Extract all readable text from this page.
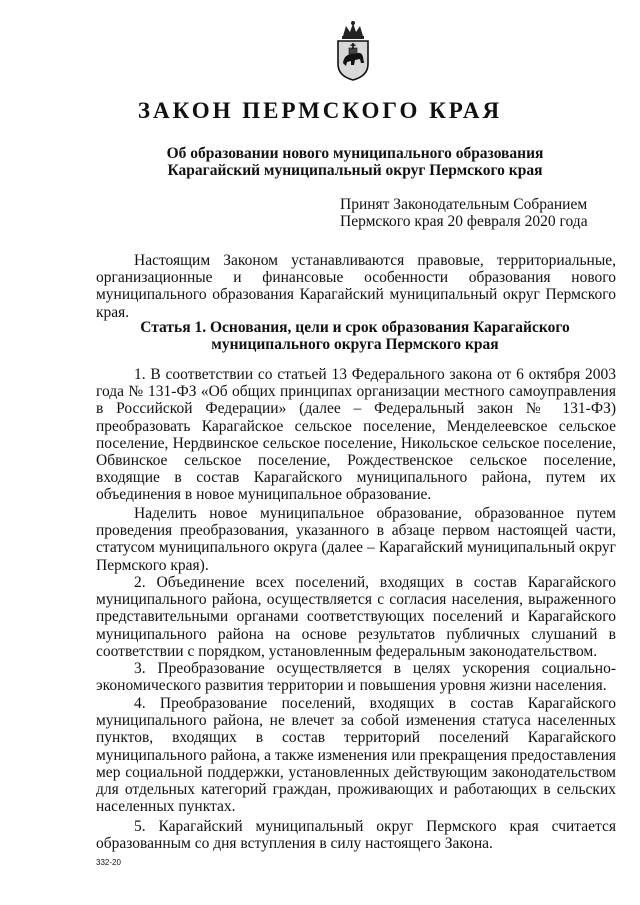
ЗАКОН ПЕРМСКОГО КРАЯ

Об образовании нового муниципального образования
Карагайский муниципальный округ Пермского края

Принят Законодательным Собранием
Пермского края 20 февраля 2020 года

Настоящим Законом устанавливаются правовые, территориальные, организационные и финансовые особенности образования нового муниципального образования Карагайский муниципальный округ Пермского края.

Статья 1. Основания, цели и срок образования Карагайского
муниципального округа Пермского края

1. В соответствии со статьей 13 Федерального закона от 6 октября 2003 года № 131-ФЗ «Об общих принципах организации местного самоуправления в Российской Федерации» (далее – Федеральный закон № 131-ФЗ) преобразовать Карагайское сельское поселение, Менделеевское сельское поселение, Нердвинское сельское поселение, Никольское сельское поселение, Обвинское сельское поселение, Рождественское сельское поселение, входящие в состав Карагайского муниципального района, путем их объединения в новое муниципальное образование.

Наделить новое муниципальное образование, образованное путем проведения преобразования, указанного в абзаце первом настоящей части, статусом муниципального округа (далее – Карагайский муниципальный округ Пермского края).

2. Объединение всех поселений, входящих в состав Карагайского муниципального района, осуществляется с согласия населения, выраженного представительными органами соответствующих поселений и Карагайского муниципального района на основе результатов публичных слушаний в соответствии с порядком, установленным федеральным законодательством.

3. Преобразование осуществляется в целях ускорения социально-экономического развития территории и повышения уровня жизни населения.

4. Преобразование поселений, входящих в состав Карагайского муниципального района, не влечет за собой изменения статуса населенных пунктов, входящих в состав территорий поселений Карагайского муниципального района, а также изменения или прекращения предоставления мер социальной поддержки, установленных действующим законодательством для отдельных категорий граждан, проживающих и работающих в сельских населенных пунктах.

5. Карагайский муниципальный округ Пермского края считается образованным со дня вступления в силу настоящего Закона.

332-20
